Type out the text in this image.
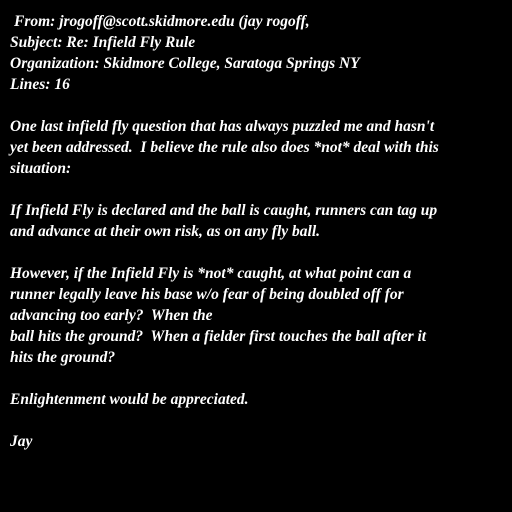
From: jrogoff@scott.skidmore.edu (jay rogoff,

Subject: Re: Infield Fly Rule

Organization: Skidmore College, Saratoga Springs NY

Lines: 16

One last infield fly question that has always puzzled me and hasn't

yet been addressed.  I believe the rule also does *not* deal with this

situation:

If Infield Fly is declared and the ball is caught, runners can tag up

and advance at their own risk, as on any fly ball.

However, if the Infield Fly is *not* caught, at what point can a

runner legally leave his base w/o fear of being doubled off for

advancing too early?  When the

ball hits the ground?  When a fielder first touches the ball after it

hits the ground?

Enlightenment would be appreciated.

Jay
